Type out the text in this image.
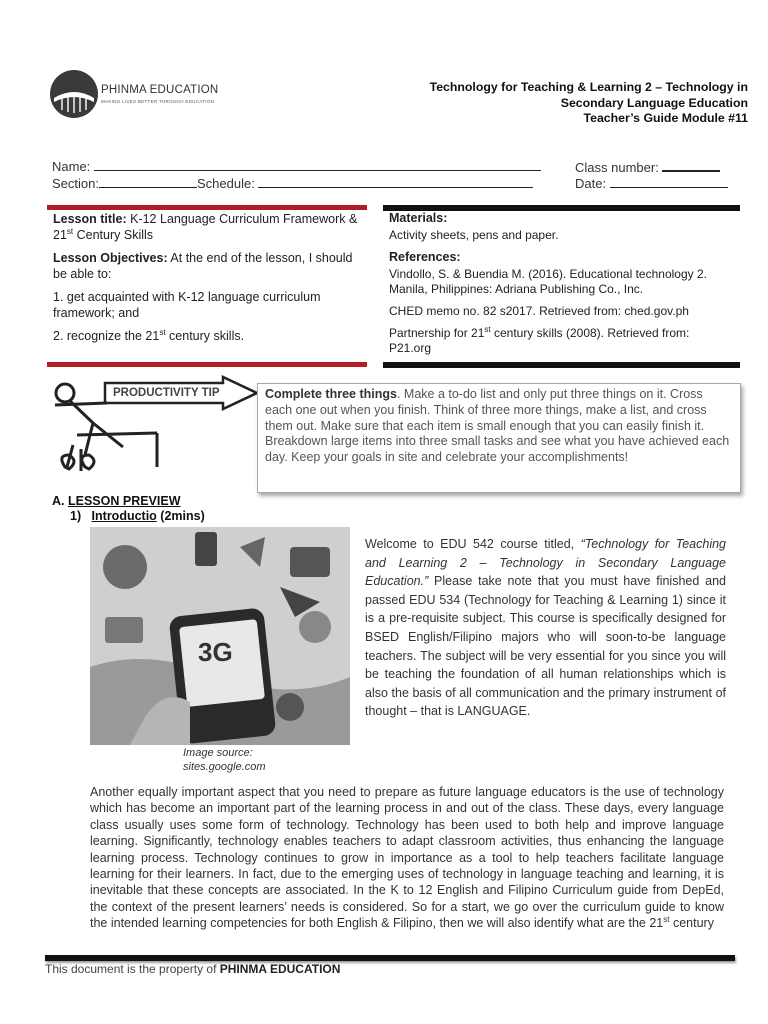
PHINMA EDUCATION
MAKING LIVES BETTER THROUGH EDUCATION
Technology for Teaching & Learning 2 – Technology in
Secondary Language Education
Teacher’s Guide Module #11
Name:	Class number:
Section:	Schedule:	Date:

Lesson title: K-12 Language Curriculum Framework & 21st Century Skills

Lesson Objectives: At the end of the lesson, I should be able to:

1. get acquainted with K-12 language curriculum framework; and

2. recognize the 21st century skills.

Materials:

Activity sheets, pens and paper.

References:

Vindollo, S. & Buendia M. (2016). Educational technology 2. Manila, Philippines: Adriana Publishing Co., Inc.

CHED memo no. 82 s2017. Retrieved from: ched.gov.ph

Partnership for 21st century skills (2008). Retrieved from: P21.org

PRODUCTIVITY TIP	Complete three things. Make a to-do list and only put three things on it. Cross each one out when you finish. Think of three more things, make a list, and cross them out. Make sure that each item is small enough that you can easily finish it. Breakdown large items into three small tasks and see what you have achieved each day. Keep your goals in site and celebrate your accomplishments!
A. LESSON PREVIEW
1) Introductio (2mins)
3G
Image source:
sites.google.com
Welcome to EDU 542 course titled, “Technology for Teaching and Learning 2 – Technology in Secondary Language Education.” Please take note that you must have finished and passed EDU 534 (Technology for Teaching & Learning 1) since it is a pre-requisite subject. This course is specifically designed for BSED English/Filipino majors who will soon-to-be language teachers. The subject will be very essential for you since you will be teaching the foundation of all human relationships which is also the basis of all communication and the primary instrument of thought – that is LANGUAGE.
Another equally important aspect that you need to prepare as future language educators is the use of technology which has become an important part of the learning process in and out of the class. These days, every language class usually uses some form of technology. Technology has been used to both help and improve language learning. Significantly, technology enables teachers to adapt classroom activities, thus enhancing the language learning process. Technology continues to grow in importance as a tool to help teachers facilitate language learning for their learners. In fact, due to the emerging uses of technology in language teaching and learning, it is inevitable that these concepts are associated. In the K to 12 English and Filipino Curriculum guide from DepEd, the context of the present learners’ needs is considered. So for a start, we go over the curriculum guide to know the intended learning competencies for both English & Filipino, then we will also identify what are the 21st century
This document is the property of PHINMA EDUCATION
